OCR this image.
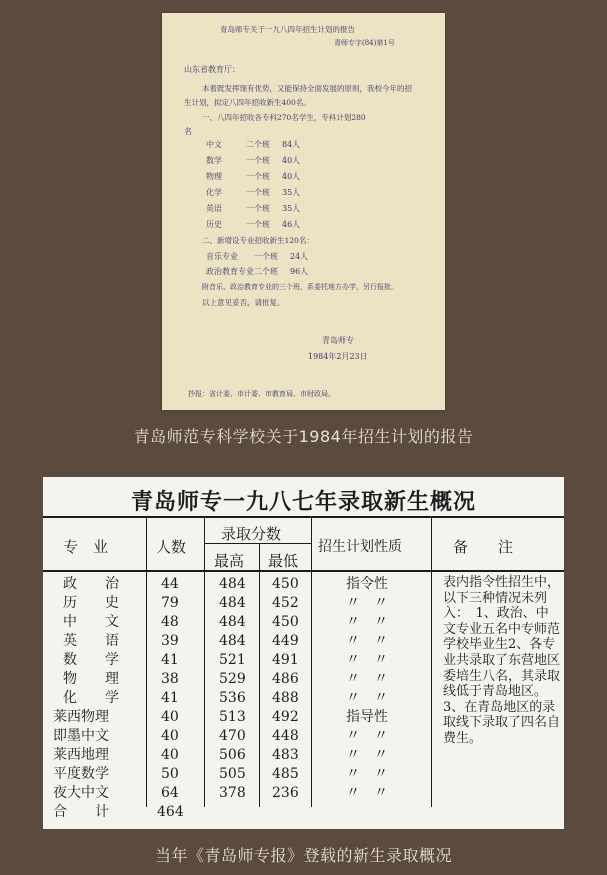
青岛师专关于一九八四年招生计划的报告
青师专字(84)第1号
山东省教育厅：
本着既发挥现有优势，又能保持全面发展的原则，我校今年的招
生计划，拟定八四年招收新生400名。
一、八四年招收各专科270名学生，专科计划280
名
中文	二个班 84人
数学	一个班 40人
物理	一个班 40人
化学	一个班 35人
英语	一个班 35人
历史	一个班 46人
二、新增设专业招收新生120名：
音乐专业 一个班 24人
政治教育专业 二个班 96人
附音乐、政治教育专业的三个班，系委托地方办学，另行报批。
以上意见妥否，请批复。
青岛师专
1984年2月23日
抄报：省计委、市计委、市教育局、市财政局。
青岛师范专科学校关于1984年招生计划的报告
青岛师专一九八七年录取新生概况
专　业	人数
录取分数
最高 最低
招生计划性质	备　　注
政　　治	44	484 450	指令性
历　　史	79	484 452	〃　〃
中　　文	48	484 450	〃　〃
英　　语	39	484 449	〃　〃
数　　学	41	521 491	〃　〃
物　　理	38	529 486	〃　〃
化　　学	41	536 488	〃　〃
莱西物理	40	513 492	指导性
即墨中文	40	470 448	〃　〃
莱西地理	40	506 483	〃　〃
平度数学	50	505 485	〃　〃
夜大中文	64	378 236	〃　〃
合　　计	464
表内指令性招生中，以下三种情况未列入：　1、政治、中文专业五名中专师范学校毕业生2、各专业共录取了东营地区委培生八名，其录取线低于青岛地区。3、在青岛地区的录取线下录取了四名自费生。
当年《青岛师专报》登载的新生录取概况
